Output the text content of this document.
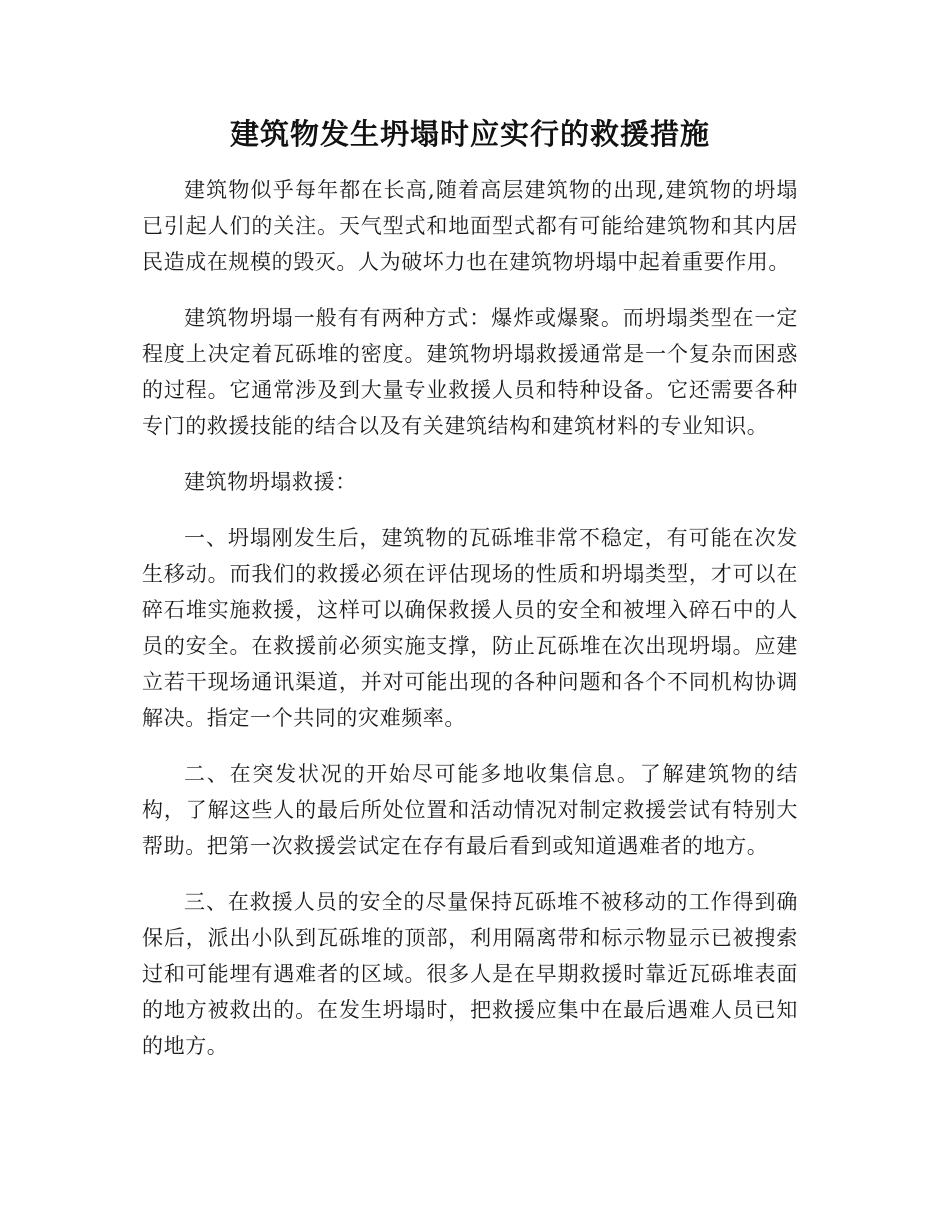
建筑物发生坍塌时应实行的救援措施

建筑物似乎每年都在长高,随着高层建筑物的出现,建筑物的坍塌已引起人们的关注。天气型式和地面型式都有可能给建筑物和其内居民造成在规模的毁灭。人为破坏力也在建筑物坍塌中起着重要作用。

建筑物坍塌一般有有两种方式：爆炸或爆聚。而坍塌类型在一定程度上决定着瓦砾堆的密度。建筑物坍塌救援通常是一个复杂而困惑的过程。它通常涉及到大量专业救援人员和特种设备。它还需要各种专门的救援技能的结合以及有关建筑结构和建筑材料的专业知识。

建筑物坍塌救援：

一、坍塌刚发生后，建筑物的瓦砾堆非常不稳定，有可能在次发生移动。而我们的救援必须在评估现场的性质和坍塌类型，才可以在碎石堆实施救援，这样可以确保救援人员的安全和被埋入碎石中的人员的安全。在救援前必须实施支撑，防止瓦砾堆在次出现坍塌。应建立若干现场通讯渠道，并对可能出现的各种问题和各个不同机构协调解决。指定一个共同的灾难频率。

二、在突发状况的开始尽可能多地收集信息。了解建筑物的结构，了解这些人的最后所处位置和活动情况对制定救援尝试有特别大帮助。把第一次救援尝试定在存有最后看到或知道遇难者的地方。

三、在救援人员的安全的尽量保持瓦砾堆不被移动的工作得到确保后，派出小队到瓦砾堆的顶部，利用隔离带和标示物显示已被搜索过和可能埋有遇难者的区域。很多人是在早期救援时靠近瓦砾堆表面的地方被救出的。在发生坍塌时，把救援应集中在最后遇难人员已知的地方。
